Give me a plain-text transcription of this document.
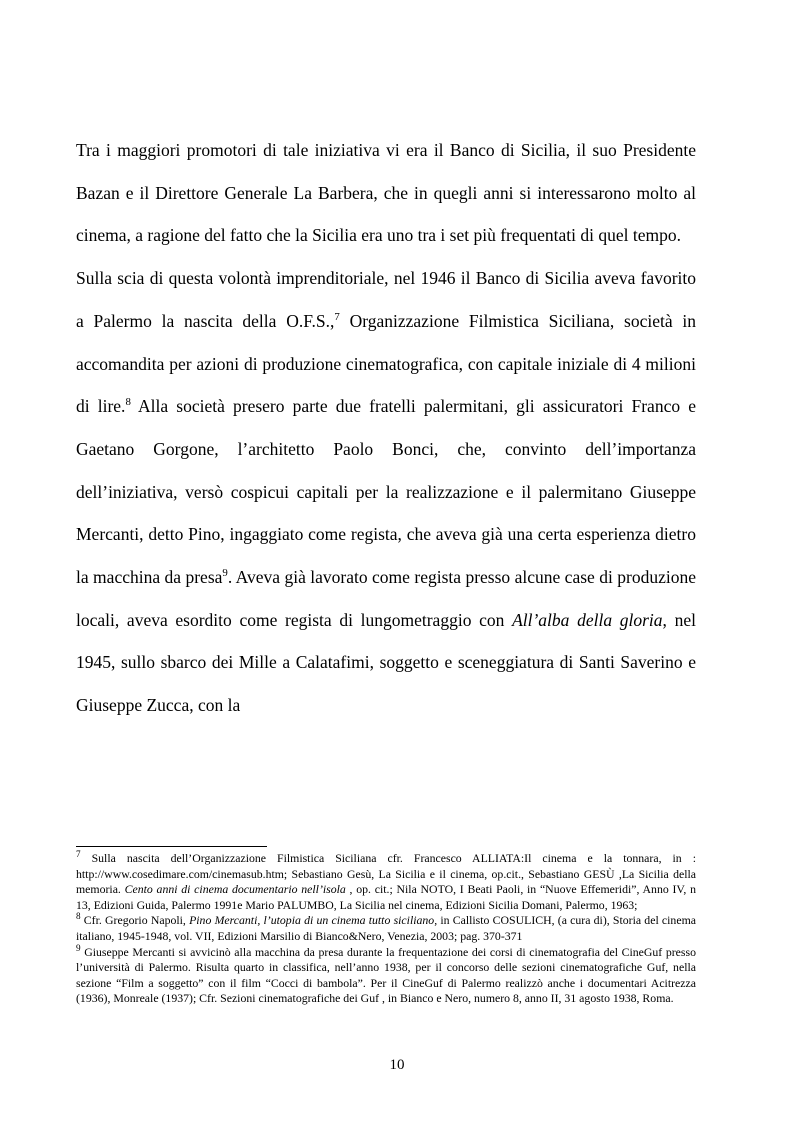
Tra i maggiori promotori di tale iniziativa vi era il Banco di Sicilia, il suo Presidente Bazan e il Direttore Generale La Barbera, che in quegli anni si interessarono molto al cinema, a ragione del fatto che la Sicilia era uno tra i set più frequentati di quel tempo.

Sulla scia di questa volontà imprenditoriale, nel 1946 il Banco di Sicilia aveva favorito a Palermo la nascita della O.F.S.,$^7$ Organizzazione Filmistica Siciliana, società in accomandita per azioni di produzione cinematografica, con capitale iniziale di 4 milioni di lire.$^8$ Alla società presero parte due fratelli palermitani, gli assicuratori Franco e Gaetano Gorgone, l’architetto Paolo Bonci, che, convinto dell’importanza dell’iniziativa, versò cospicui capitali per la realizzazione e il palermitano Giuseppe Mercanti, detto Pino, ingaggiato come regista, che aveva già una certa esperienza dietro la macchina da presa$^9$. Aveva già lavorato come regista presso alcune case di produzione locali, aveva esordito come regista di lungometraggio con All’alba della gloria, nel 1945, sullo sbarco dei Mille a Calatafimi, soggetto e sceneggiatura di Santi Saverino e Giuseppe Zucca, con la

$^7$ Sulla nascita dell’Organizzazione Filmistica Siciliana cfr. Francesco ALLIATA:Il cinema e la tonnara, in : http://www.cosedimare.com/cinemasub.htm; Sebastiano Gesù, La Sicilia e il cinema, op.cit., Sebastiano GESÙ ,La Sicilia della memoria. Cento anni di cinema documentario nell’isola , op. cit.; Nila NOTO, I Beati Paoli, in “Nuove Effemeridi”, Anno IV, n 13, Edizioni Guida, Palermo 1991e Mario PALUMBO, La Sicilia nel cinema, Edizioni Sicilia Domani, Palermo, 1963;

$^8$ Cfr. Gregorio Napoli, Pino Mercanti, l’utopia di un cinema tutto siciliano, in Callisto COSULICH, (a cura di), Storia del cinema italiano, 1945-1948, vol. VII, Edizioni Marsilio di Bianco&Nero, Venezia, 2003; pag. 370-371

$^9$ Giuseppe Mercanti si avvicinò alla macchina da presa durante la frequentazione dei corsi di cinematografia del CineGuf presso l’università di Palermo. Risulta quarto in classifica, nell’anno 1938, per il concorso delle sezioni cinematografiche Guf, nella sezione “Film a soggetto” con il film “Cocci di bambola”. Per il CineGuf di Palermo realizzò anche i documentari Acitrezza (1936), Monreale (1937); Cfr. Sezioni cinematografiche dei Guf , in Bianco e Nero, numero 8, anno II, 31 agosto 1938, Roma.

10
